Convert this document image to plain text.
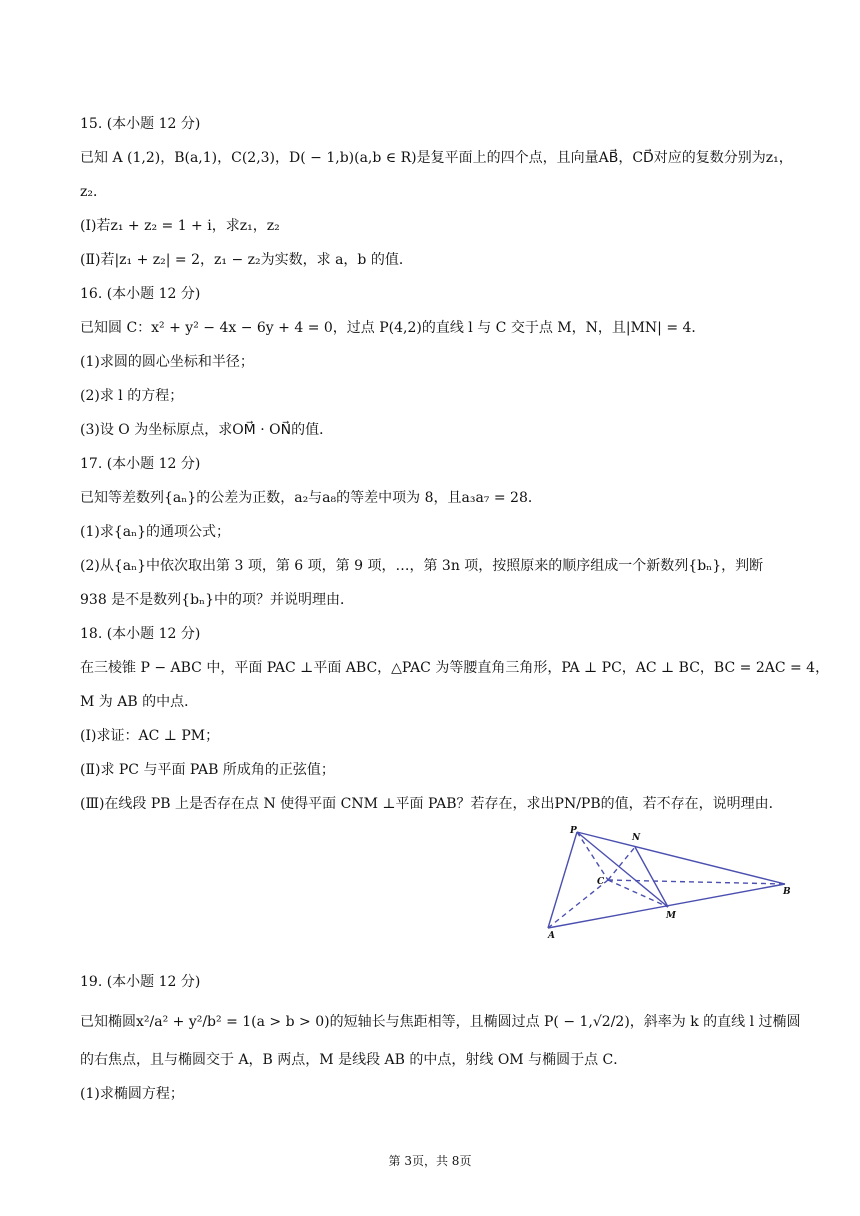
15. (本小题 12 分)
已知 A (1,2)，B(a,1)，C(2,3)，D( − 1,b)(a,b ∈ R)是复平面上的四个点，且向量AB⃗，CD⃗对应的复数分别为z₁，
z₂．
(Ⅰ)若z₁ + z₂ = 1 + i，求z₁，z₂
(Ⅱ)若|z₁ + z₂| = 2，z₁ − z₂为实数，求 a，b 的值．
16. (本小题 12 分)
已知圆 C：x² + y² − 4x − 6y + 4 = 0，过点 P(4,2)的直线 l 与 C 交于点 M，N，且|MN| = 4．
(1)求圆的圆心坐标和半径；
(2)求 l 的方程；
(3)设 O 为坐标原点，求OM⃗ · ON⃗的值．
17. (本小题 12 分)
已知等差数列{aₙ}的公差为正数，a₂与a₈的等差中项为 8，且a₃a₇ = 28．
(1)求{aₙ}的通项公式；
(2)从{aₙ}中依次取出第 3 项，第 6 项，第 9 项，…，第 3n 项，按照原来的顺序组成一个新数列{bₙ}，判断
938 是不是数列{bₙ}中的项？并说明理由．
18. (本小题 12 分)
在三棱锥 P − ABC 中，平面 PAC ⊥平面 ABC，△PAC 为等腰直角三角形，PA ⊥ PC，AC ⊥ BC，BC = 2AC = 4，
M 为 AB 的中点．
(Ⅰ)求证：AC ⊥ PM；
(Ⅱ)求 PC 与平面 PAB 所成角的正弦值；
(Ⅲ)在线段 PB 上是否存在点 N 使得平面 CNM ⊥平面 PAB？若存在，求出PN/PB的值，若不存在，说明理由．
P
N
C
B
M
A
19. (本小题 12 分)
已知椭圆x²/a² + y²/b² = 1(a > b > 0)的短轴长与焦距相等，且椭圆过点 P( − 1,√2/2)，斜率为 k 的直线 l 过椭圆
的右焦点，且与椭圆交于 A，B 两点，M 是线段 AB 的中点，射线 OM 与椭圆于点 C．
(1)求椭圆方程；
第 3页，共 8页
